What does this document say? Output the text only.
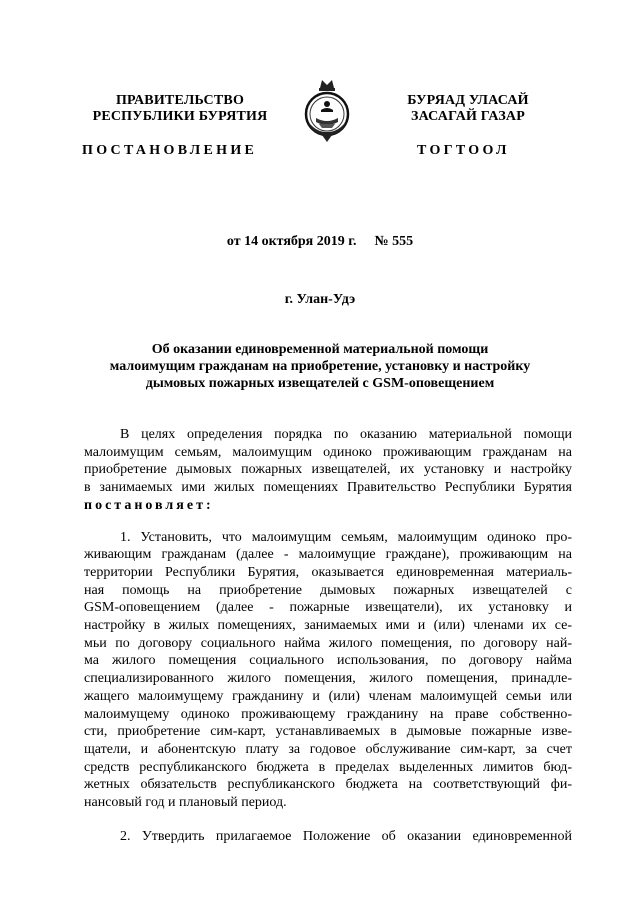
ПРАВИТЕЛЬСТВО
РЕСПУБЛИКИ БУРЯТИЯ
БУРЯАД УЛАСАЙ
ЗАСАГАЙ ГАЗАР
ПОСТАНОВЛЕНИЕ	ТОГТООЛ
от 14 октября 2019 г. № 555
г. Улан-Удэ
Об оказании единовременной материальной помощи
малоимущим гражданам на приобретение, установку и настройку
дымовых пожарных извещателей с GSM-оповещением
В целях определения порядка по оказанию материальной помощи
малоимущим семьям, малоимущим одиноко проживающим гражданам на
приобретение дымовых пожарных извещателей, их установку и настройку
в занимаемых ими жилых помещениях Правительство Республики Бурятия
постановляет:
1. Установить, что малоимущим семьям, малоимущим одиноко про-
живающим гражданам (далее - малоимущие граждане), проживающим на
территории Республики Бурятия, оказывается единовременная материаль-
ная помощь на приобретение дымовых пожарных извещателей с
GSM-оповещением (далее - пожарные извещатели), их установку и
настройку в жилых помещениях, занимаемых ими и (или) членами их се-
мьи по договору социального найма жилого помещения, по договору най-
ма жилого помещения социального использования, по договору найма
специализированного жилого помещения, жилого помещения, принадле-
жащего малоимущему гражданину и (или) членам малоимущей семьи или
малоимущему одиноко проживающему гражданину на праве собственно-
сти, приобретение сим-карт, устанавливаемых в дымовые пожарные изве-
щатели, и абонентскую плату за годовое обслуживание сим-карт, за счет
средств республиканского бюджета в пределах выделенных лимитов бюд-
жетных обязательств республиканского бюджета на соответствующий фи-
нансовый год и плановый период.
2. Утвердить прилагаемое Положение об оказании единовременной
